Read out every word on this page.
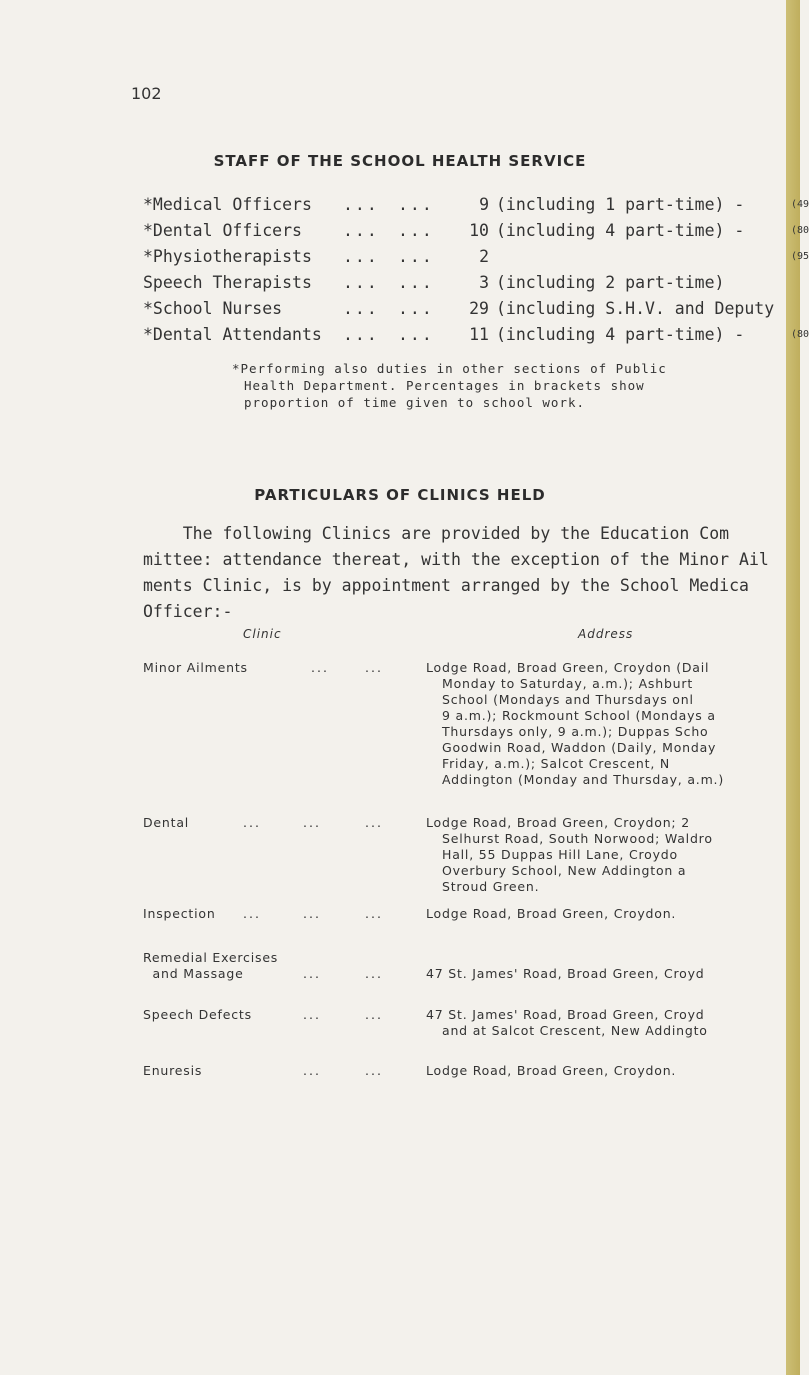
102
STAFF OF THE SCHOOL HEALTH SERVICE
*Medical Officers ... ...	9 (including 1 part-time) -	(49
*Dental Officers ... ...	10 (including 4 part-time) -	(80
*Physiotherapists ... ...	2	(95
Speech Therapists ... ...	3 (including 2 part-time)
*School Nurses	... ...	29 (including S.H.V. and Deputy
*Dental Attendants ... ...	11 (including 4 part-time) -	(80

*Performing also duties in other sections of Public

Health Department. Percentages in brackets show

proportion of time given to school work.

PARTICULARS OF CLINICS HELD

The following Clinics are provided by the Education Com

mittee: attendance thereat, with the exception of the Minor Ail

ments Clinic, is by appointment arranged by the School Medica

Officer:-

Clinic	Address

Minor Ailments	...	...	Lodge Road, Broad Green, Croydon (Dail

Monday to Saturday, a.m.); Ashburt

School (Mondays and Thursdays onl

9 a.m.); Rockmount School (Mondays a

Thursdays only, 9 a.m.); Duppas Scho

Goodwin Road, Waddon (Daily, Monday

Friday, a.m.); Salcot Crescent, N

Addington (Monday and Thursday, a.m.)

Dental	...	...	...	Lodge Road, Broad Green, Croydon; 2

Selhurst Road, South Norwood; Waldro

Hall, 55 Duppas Hill Lane, Croydo

Overbury School, New Addington a

Stroud Green.

Inspection ...	...	...	Lodge Road, Broad Green, Croydon.

Remedial Exercises

and Massage	...	...	47 St. James' Road, Broad Green, Croyd

Speech Defects	...	...	47 St. James' Road, Broad Green, Croyd

and at Salcot Crescent, New Addingto

Enuresis	...	...	Lodge Road, Broad Green, Croydon.
